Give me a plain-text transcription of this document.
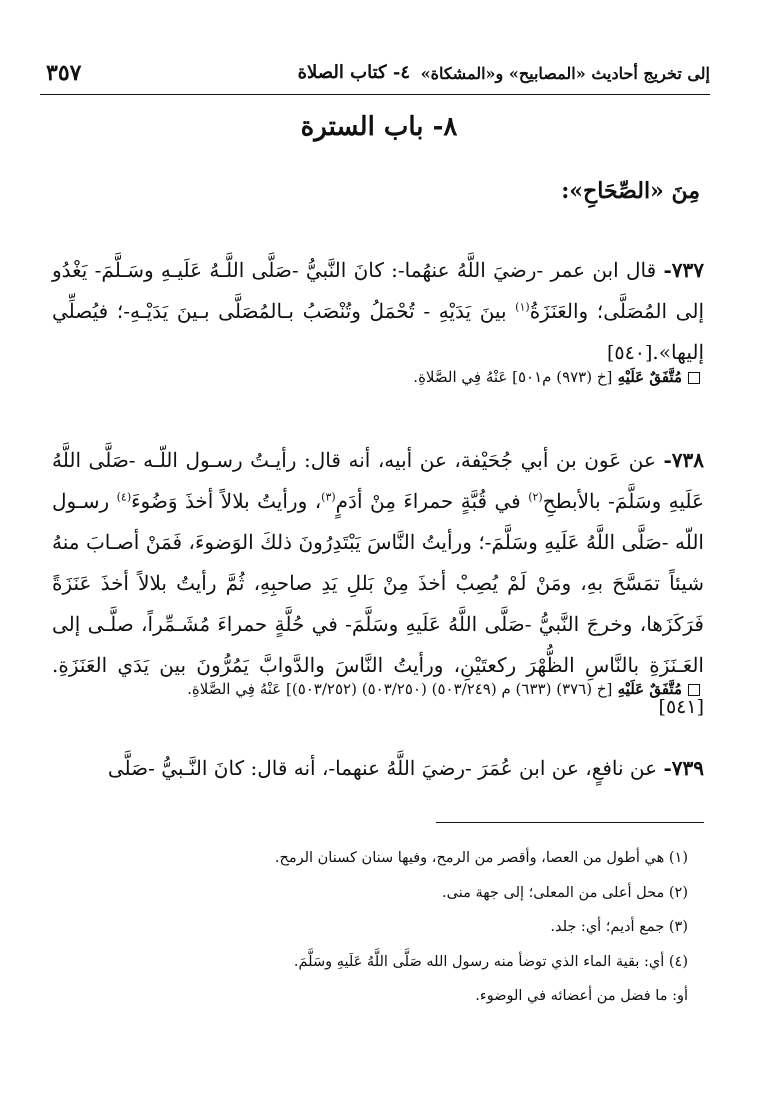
إلى تخريج أحاديث «المصابيح» و«المشكاة»
٤- كتاب الصلاة
٣٥٧
٨- باب السترة
مِنَ «الصِّحَاحِ»:

٧٣٧- قال ابن عمر -رضيَ اللَّهُ عنهُما-: كانَ النَّبيُّ -صَلَّى اللَّـهُ عَلَيـهِ وسَـلَّمَ- يَغْدُو إلى المُصَلَّى؛ والعَنَزَةُ$^{(١)}$ بينَ يَدَيْهِ - تُحْمَلُ وتُنْصَبُ بـالمُصَلَّى بـينَ يَدَيْـهِ-؛ فيُصلِّي إليها».[٥٤٠]

مُتَّفَقٌ عَلَيْهِ [خ (٩٧٣) م٥٠١] عَنْهُ فِي الصَّلاةِ.

٧٣٨- عن عَون بن أبي جُحَيْفة، عن أبيه، أنه قال: رأيـتُ رسـول اللّـه -صَلَّى اللَّهُ عَلَيهِ وسَلَّمَ- بالأبطحِ$^{(٢)}$ في قُبَّةٍ حمراءَ مِنْ أدَمٍ$^{(٣)}$، ورأيتُ بلالاً أخذَ وَضُوءَ$^{(٤)}$ رسـول اللّه -صَلَّى اللَّهُ عَلَيهِ وسَلَّمَ-؛ ورأيتُ النَّاسَ يَبْتَدِرُونَ ذلكَ الوَضوءَ، فَمَنْ أصـابَ منهُ شيئاً تمَسَّحَ بهِ، ومَنْ لَمْ يُصِبْ أخذَ مِنْ بَللِ يَدِ صاحبِهِ، ثُمَّ رأيتُ بلالاً أخذَ عَنَزَةً فَرَكَزَها، وخرجَ النَّبيُّ -صَلَّى اللَّهُ عَلَيهِ وسَلَّمَ- في حُلَّةٍ حمراءَ مُشَـمِّراً، صلَّـى إلى العَـنَزَةِ بالنَّاسِ الظُّهْرَ ركعتَيْنِ، ورأيتُ النَّاسَ والدَّوابَّ يَمُرُّونَ بين يَدَي العَنَزَةِ.[٥٤١]

مُتَّفَقٌ عَلَيْهِ [خ (٣٧٦) (٦٣٣) م (٥٠٣/٢٤٩) (٥٠٣/٢٥٠) (٥٠٣/٢٥٢)] عَنْهُ فِي الصَّلاةِ.

٧٣٩- عن نافعٍ، عن ابن عُمَرَ -رضيَ اللَّهُ عنهما-، أنه قال: كانَ النَّـبيُّ -صَلَّى

(١) هي أطول من العصا، وأقصر من الرمح، وفيها سنان كسنان الرمح.
(٢) محل أعلى من المعلى؛ إلى جهة منى.
(٣) جمع أديم؛ أي: جلد.
(٤) أي: بقية الماء الذي توضأ منه رسول الله صَلَّى اللَّهُ عَلَيهِ وسَلَّمَ.
أو: ما فضل من أعضائه في الوضوء.
